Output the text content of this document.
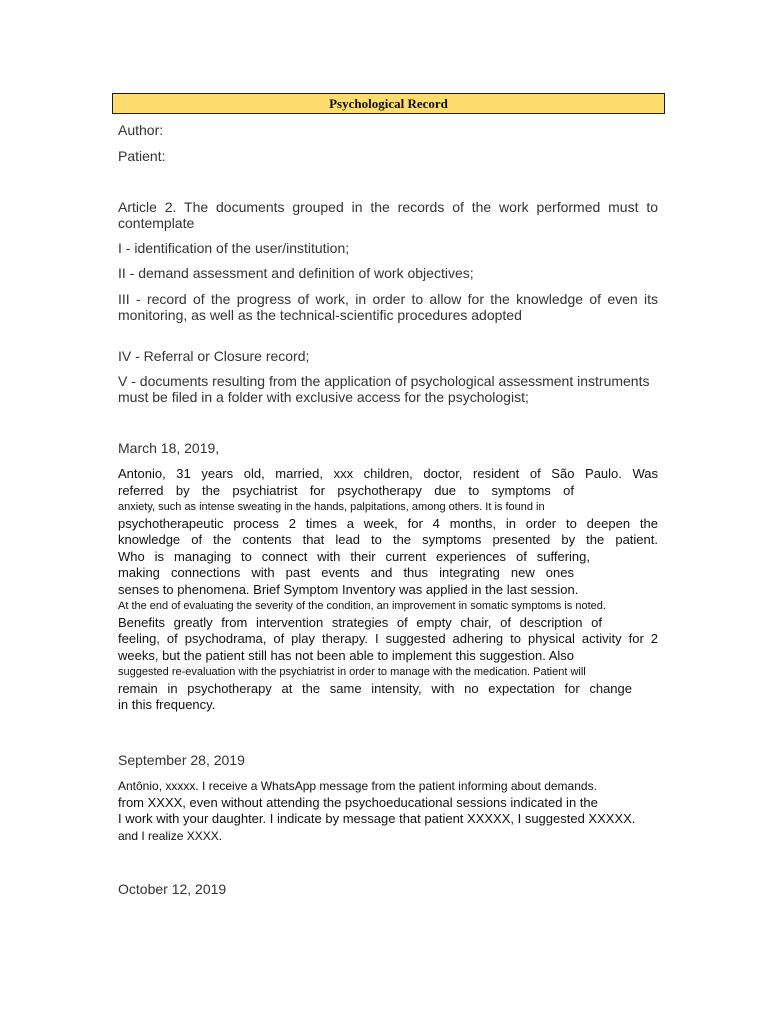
Psychological Record
Author:
Patient:
Article 2. The documents grouped in the records of the work performed must to contemplate
I - identification of the user/institution;
II - demand assessment and definition of work objectives;
III - record of the progress of work, in order to allow for the knowledge of even its monitoring, as well as the technical-scientific procedures adopted
IV - Referral or Closure record;
V - documents resulting from the application of psychological assessment instruments must be filed in a folder with exclusive access for the psychologist;
March 18, 2019,
Antonio, 31 years old, married, xxx children, doctor, resident of São Paulo. Was
referred by the psychiatrist for psychotherapy due to symptoms of
anxiety, such as intense sweating in the hands, palpitations, among others. It is found in
psychotherapeutic process 2 times a week, for 4 months, in order to deepen the
knowledge of the contents that lead to the symptoms presented by the patient.
Who is managing to connect with their current experiences of suffering,
making connections with past events and thus integrating new ones
senses to phenomena. Brief Symptom Inventory was applied in the last session.
At the end of evaluating the severity of the condition, an improvement in somatic symptoms is noted.
Benefits greatly from intervention strategies of empty chair, of description of
feeling, of psychodrama, of play therapy. I suggested adhering to physical activity for 2
weeks, but the patient still has not been able to implement this suggestion. Also
suggested re-evaluation with the psychiatrist in order to manage with the medication. Patient will
remain in psychotherapy at the same intensity, with no expectation for change
in this frequency.
September 28, 2019
Antônio, xxxxx. I receive a WhatsApp message from the patient informing about demands.
from XXXX, even without attending the psychoeducational sessions indicated in the
I work with your daughter. I indicate by message that patient XXXXX, I suggested XXXXX.
and I realize XXXX.
October 12, 2019
